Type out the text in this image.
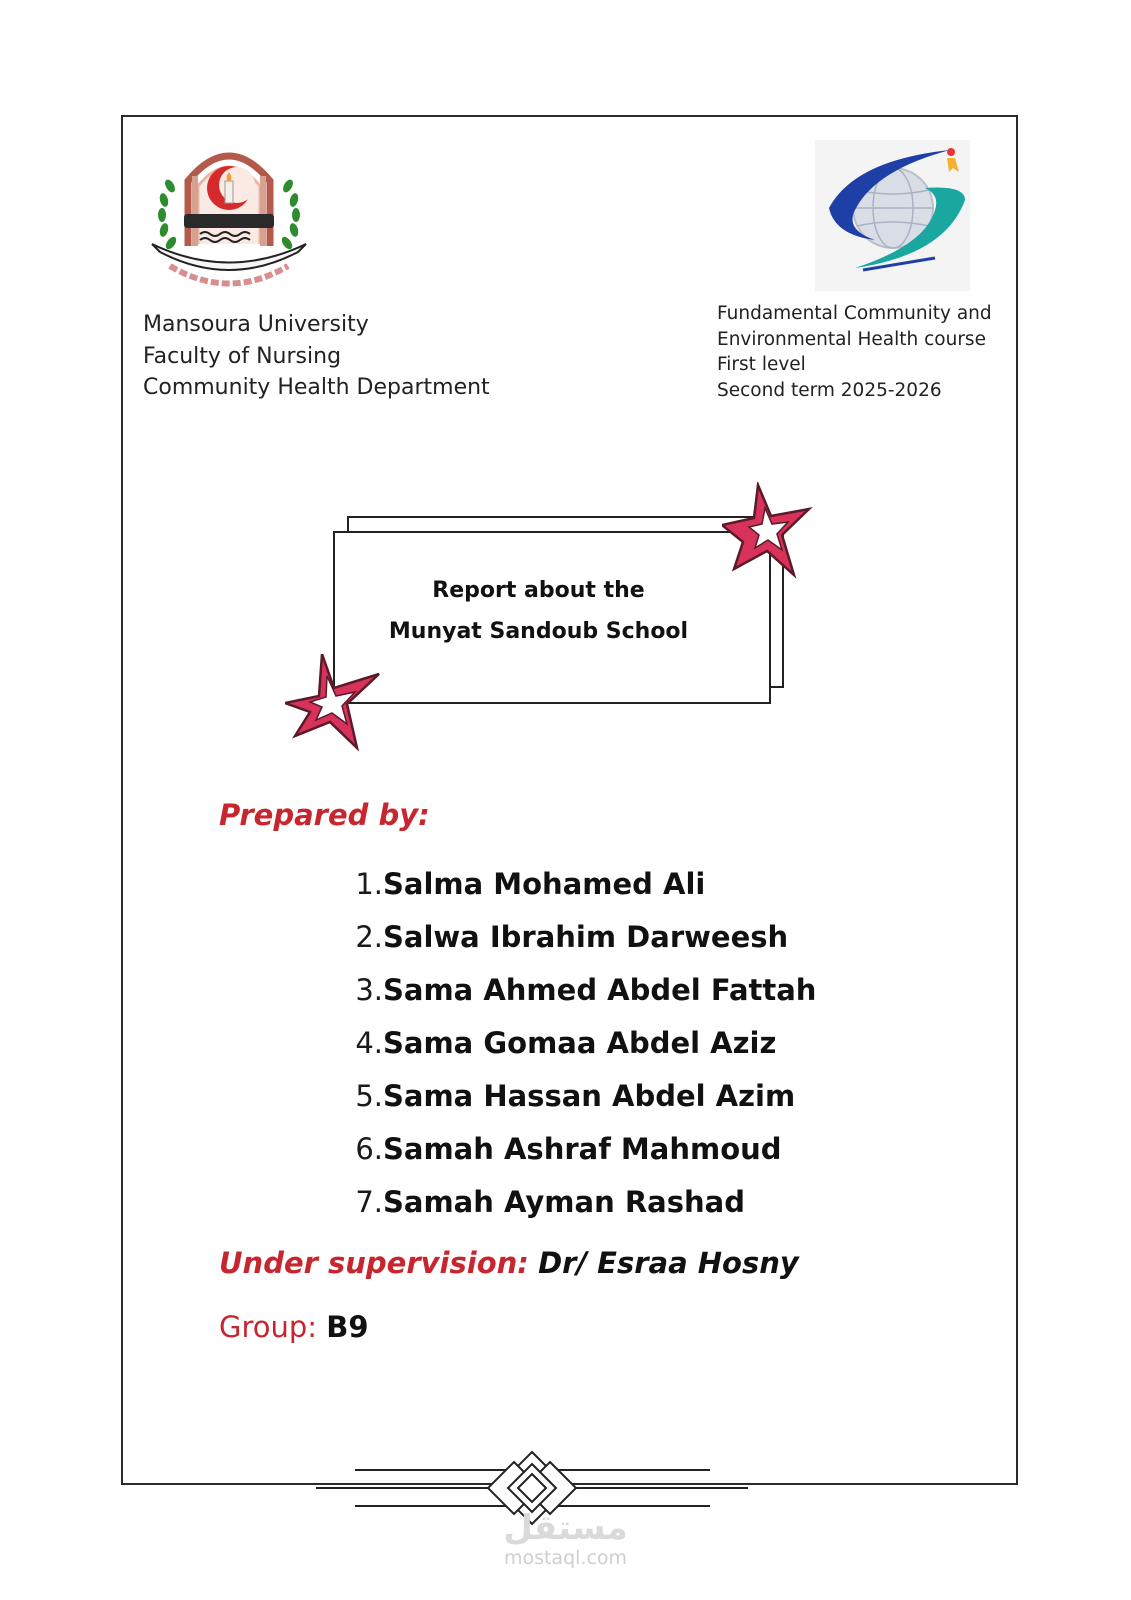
Mansoura University
Faculty of Nursing
Community Health Department
Fundamental Community and
Environmental Health course
First level
Second term 2025-2026
Report about the
Munyat Sandoub School
Prepared by:
1.Salma Mohamed Ali
2.Salwa Ibrahim Darweesh
3.Sama Ahmed Abdel Fattah
4.Sama Gomaa Abdel Aziz
5.Sama Hassan Abdel Azim
6.Samah Ashraf Mahmoud
7.Samah Ayman Rashad
Under supervision: Dr/ Esraa Hosny
Group: B9
مستقل
mostaql.com
